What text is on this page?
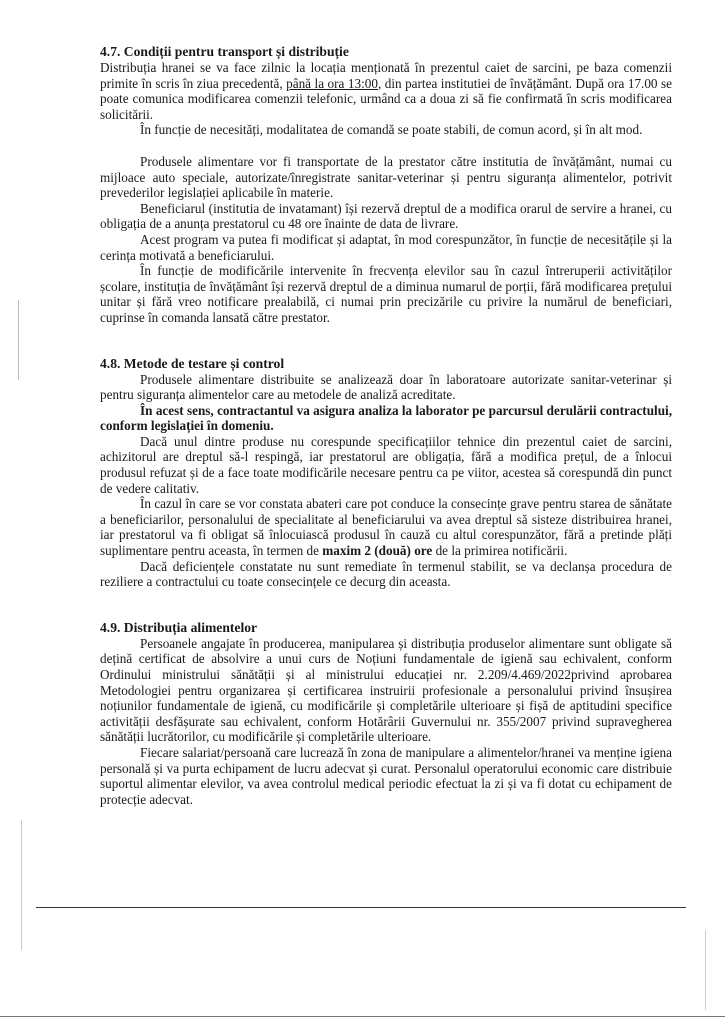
4.7. Condiții pentru transport și distribuție

Distribuția hranei se va face zilnic la locația menționată în prezentul caiet de sarcini, pe baza comenzii primite în scris în ziua precedentă, până la ora 13:00, din partea institutiei de învățământ. După ora 17.00 se poate comunica modificarea comenzii telefonic, urmând ca a doua zi să fie confirmată în scris modificarea solicitării.

În funcție de necesități, modalitatea de comandă se poate stabili, de comun acord, și în alt mod.

Produsele alimentare vor fi transportate de la prestator către institutia de învățământ, numai cu mijloace auto speciale, autorizate/înregistrate sanitar-veterinar și pentru siguranța alimentelor, potrivit prevederilor legislației aplicabile în materie.

Beneficiarul (institutia de invatamant) își rezervă dreptul de a modifica orarul de servire a hranei, cu obligația de a anunța prestatorul cu 48 ore înainte de data de livrare.

Acest program va putea fi modificat și adaptat, în mod corespunzător, în funcție de necesitățile și la cerința motivată a beneficiarului.

În funcție de modificările intervenite în frecvența elevilor sau în cazul întreruperii activităților școlare, instituția de învățământ își rezervă dreptul de a diminua numarul de porții, fără modificarea prețului unitar și fără vreo notificare prealabilă, ci numai prin precizările cu privire la numărul de beneficiari, cuprinse în comanda lansată către prestator.

4.8. Metode de testare și control

Produsele alimentare distribuite se analizează doar în laboratoare autorizate sanitar-veterinar și pentru siguranța alimentelor care au metodele de analiză acreditate.

În acest sens, contractantul va asigura analiza la laborator pe parcursul derulării contractului, conform legislației în domeniu.

Dacă unul dintre produse nu corespunde specificațiilor tehnice din prezentul caiet de sarcini, achizitorul are dreptul să-l respingă, iar prestatorul are obligația, fără a modifica prețul, de a înlocui produsul refuzat și de a face toate modificările necesare pentru ca pe viitor, acestea să corespundă din punct de vedere calitativ.

În cazul în care se vor constata abateri care pot conduce la consecințe grave pentru starea de sănătate a beneficiarilor, personalului de specialitate al beneficiarului va avea dreptul să sisteze distribuirea hranei, iar prestatorul va fi obligat să înlocuiască produsul în cauză cu altul corespunzător, fără a pretinde plăți suplimentare pentru aceasta, în termen de maxim 2 (două) ore de la primirea notificării.

Dacă deficiențele constatate nu sunt remediate în termenul stabilit, se va declanșa procedura de reziliere a contractului cu toate consecințele ce decurg din aceasta.

4.9. Distribuția alimentelor

Persoanele angajate în producerea, manipularea și distribuția produselor alimentare sunt obligate să dețină certificat de absolvire a unui curs de Noțiuni fundamentale de igienă sau echivalent, conform Ordinului ministrului sănătății și al ministrului educației nr. 2.209/4.469/2022privind aprobarea Metodologiei pentru organizarea și certificarea instruirii profesionale a personalului privind însușirea noțiunilor fundamentale de igienă, cu modificările și completările ulterioare și fișă de aptitudini specifice activității desfășurate sau echivalent, conform Hotărârii Guvernului nr. 355/2007 privind supravegherea sănătății lucrătorilor, cu modificările și completările ulterioare.

Fiecare salariat/persoană care lucrează în zona de manipulare a alimentelor/hranei va menține igiena personală și va purta echipament de lucru adecvat și curat. Personalul operatorului economic care distribuie suportul alimentar elevilor, va avea controlul medical periodic efectuat la zi și va fi dotat cu echipament de protecție adecvat.
